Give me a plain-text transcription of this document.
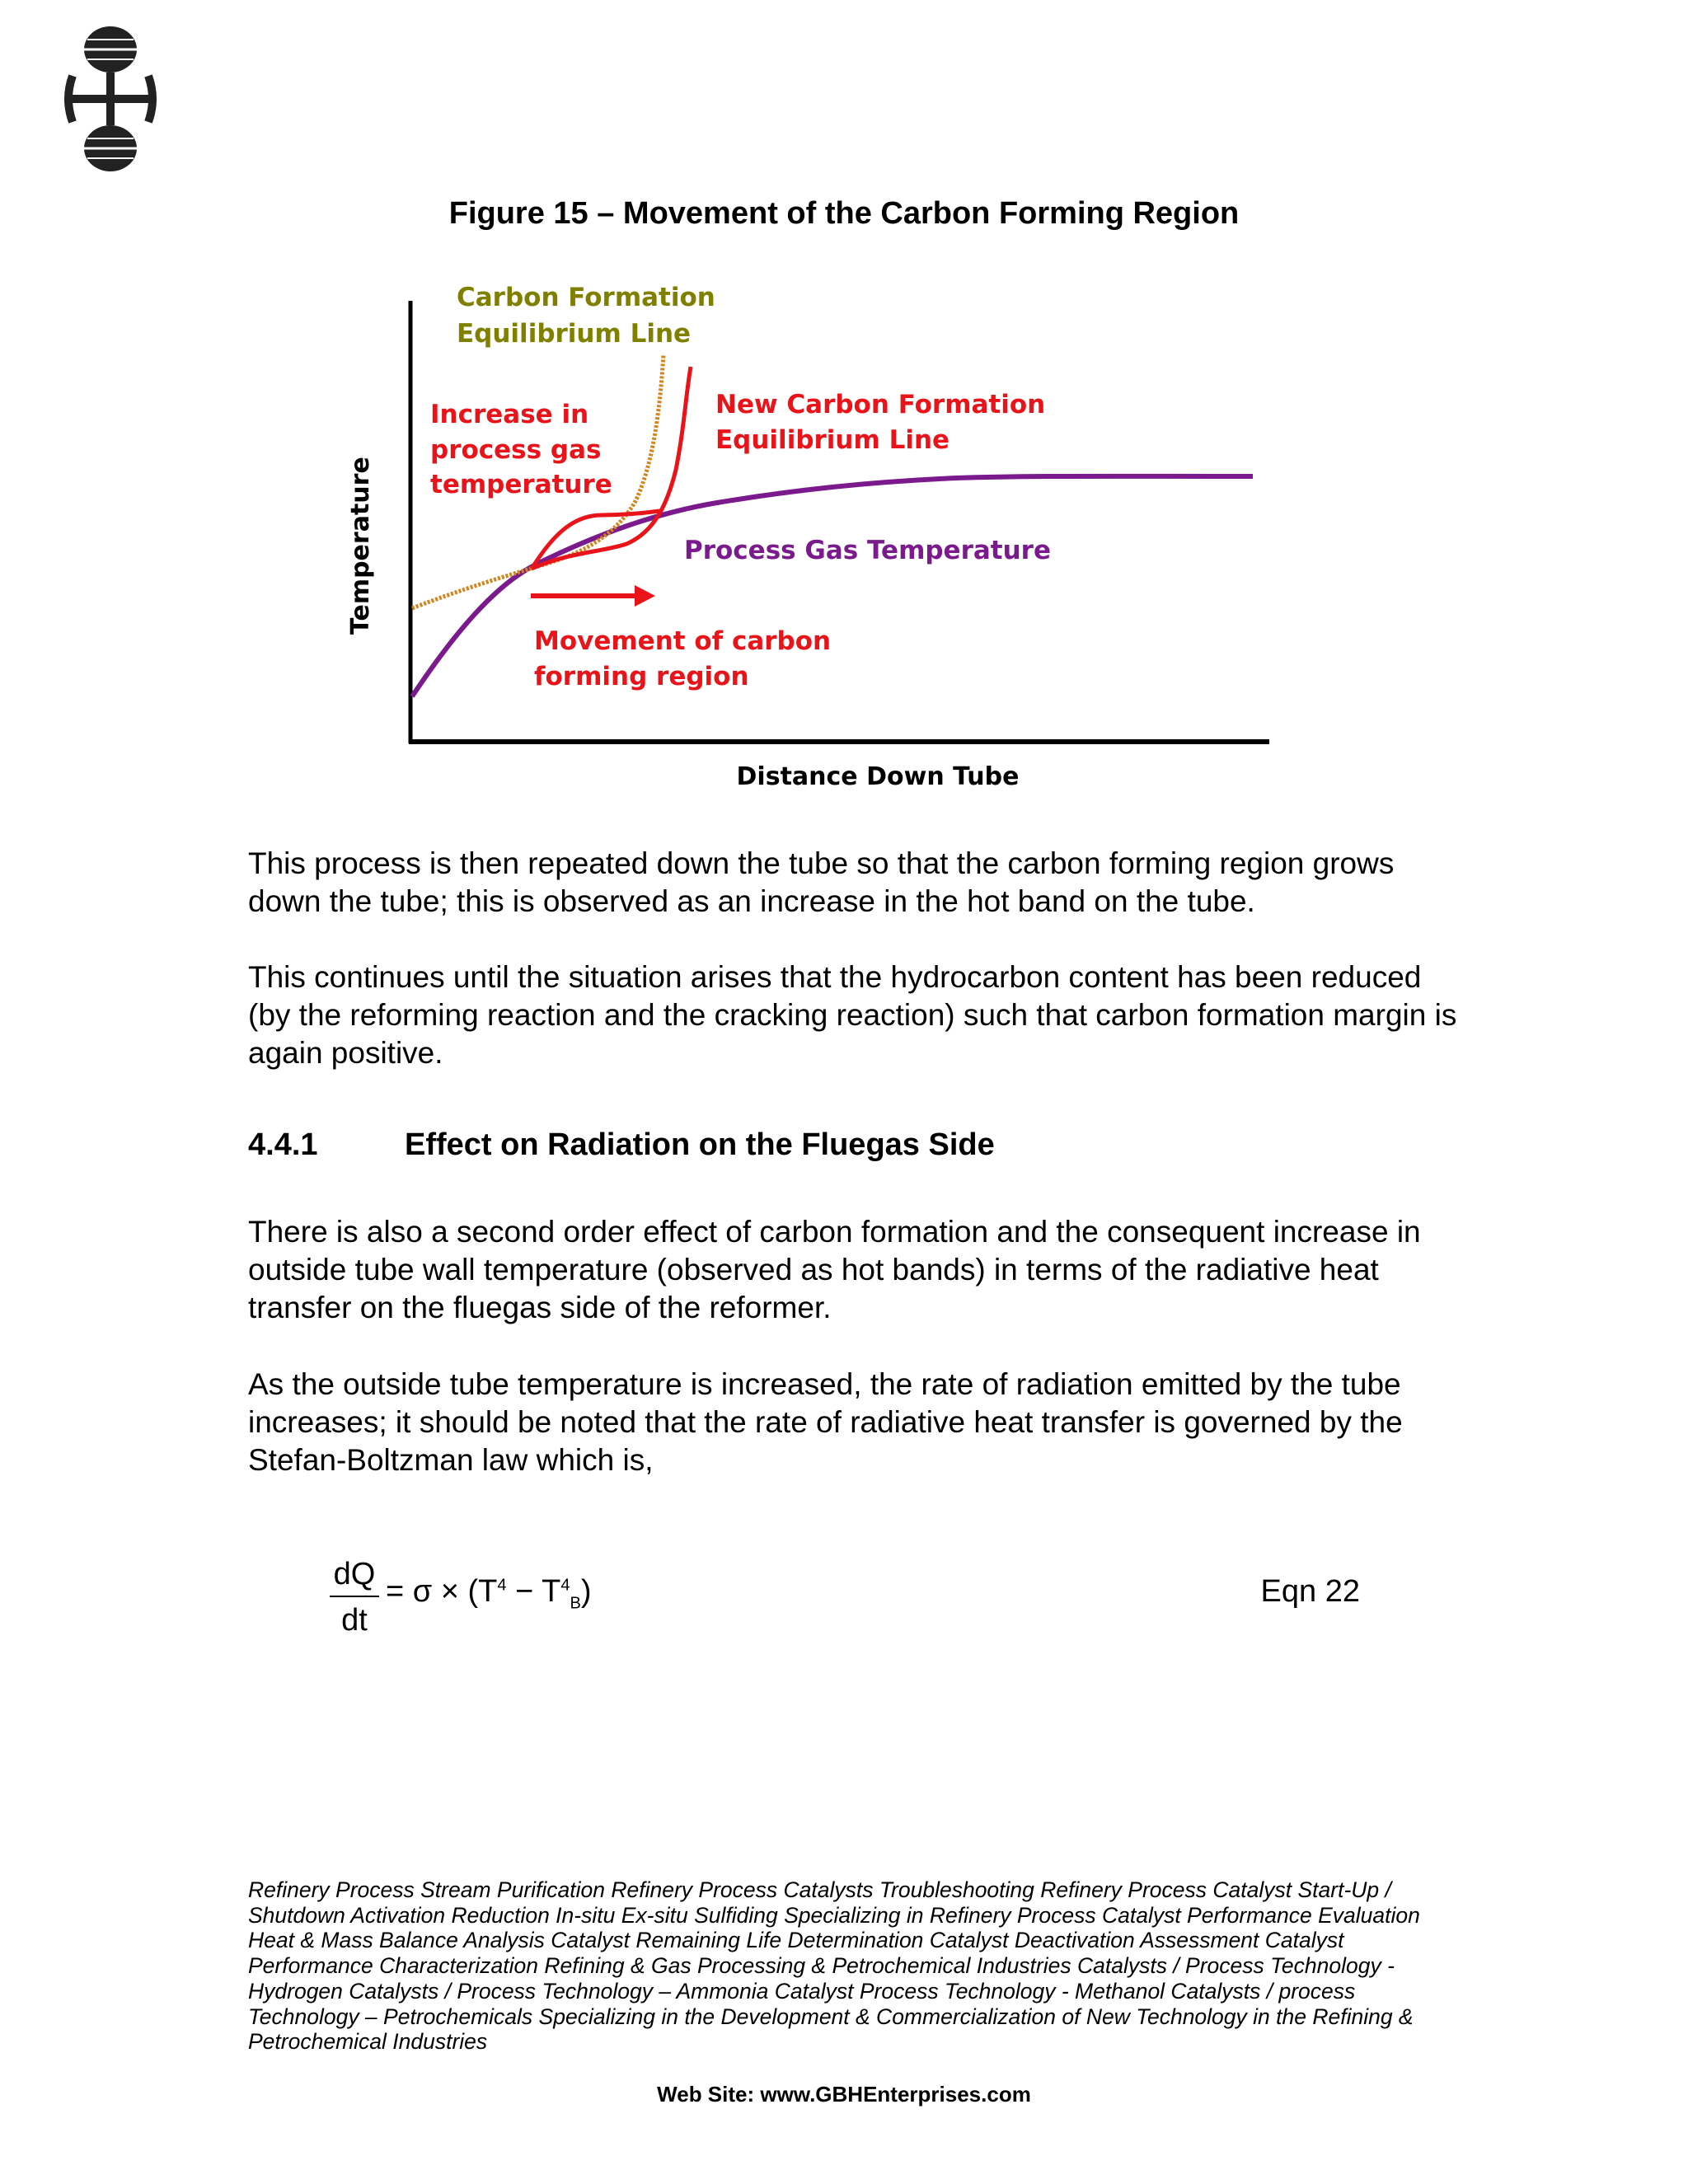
Figure 15 – Movement of the Carbon Forming Region
Temperature
Distance Down Tube
Carbon Formation
Equilibrium Line
Increase in
process gas
temperature
New Carbon Formation
Equilibrium Line
Process Gas Temperature
Movement of carbon
forming region

This process is then repeated down the tube so that the carbon forming region grows down the tube; this is observed as an increase in the hot band on the tube.

This continues until the situation arises that the hydrocarbon content has been reduced (by the reforming reaction and the cracking reaction) such that carbon formation margin is again positive.

4.4.1	Effect on Radiation on the Fluegas Side

There is also a second order effect of carbon formation and the consequent increase in outside tube wall temperature (observed as hot bands) in terms of the radiative heat transfer on the fluegas side of the reformer.

As the outside tube temperature is increased, the rate of radiation emitted by the tube increases; it should be noted that the rate of radiative heat transfer is governed by the Stefan-Boltzman law which is,

dQ
dt
= $\sigma \times (T^4 - T^4_B)$	Eqn 22

Refinery Process Stream Purification Refinery Process Catalysts Troubleshooting Refinery Process Catalyst Start-Up / Shutdown Activation Reduction In-situ Ex-situ Sulfiding Specializing in Refinery Process Catalyst Performance Evaluation Heat & Mass Balance Analysis Catalyst Remaining Life Determination Catalyst Deactivation Assessment Catalyst Performance Characterization Refining & Gas Processing & Petrochemical Industries Catalysts / Process Technology - Hydrogen Catalysts / Process Technology – Ammonia Catalyst Process Technology - Methanol Catalysts / process Technology – Petrochemicals Specializing in the Development & Commercialization of New Technology in the Refining & Petrochemical Industries

Web Site: www.GBHEnterprises.com
